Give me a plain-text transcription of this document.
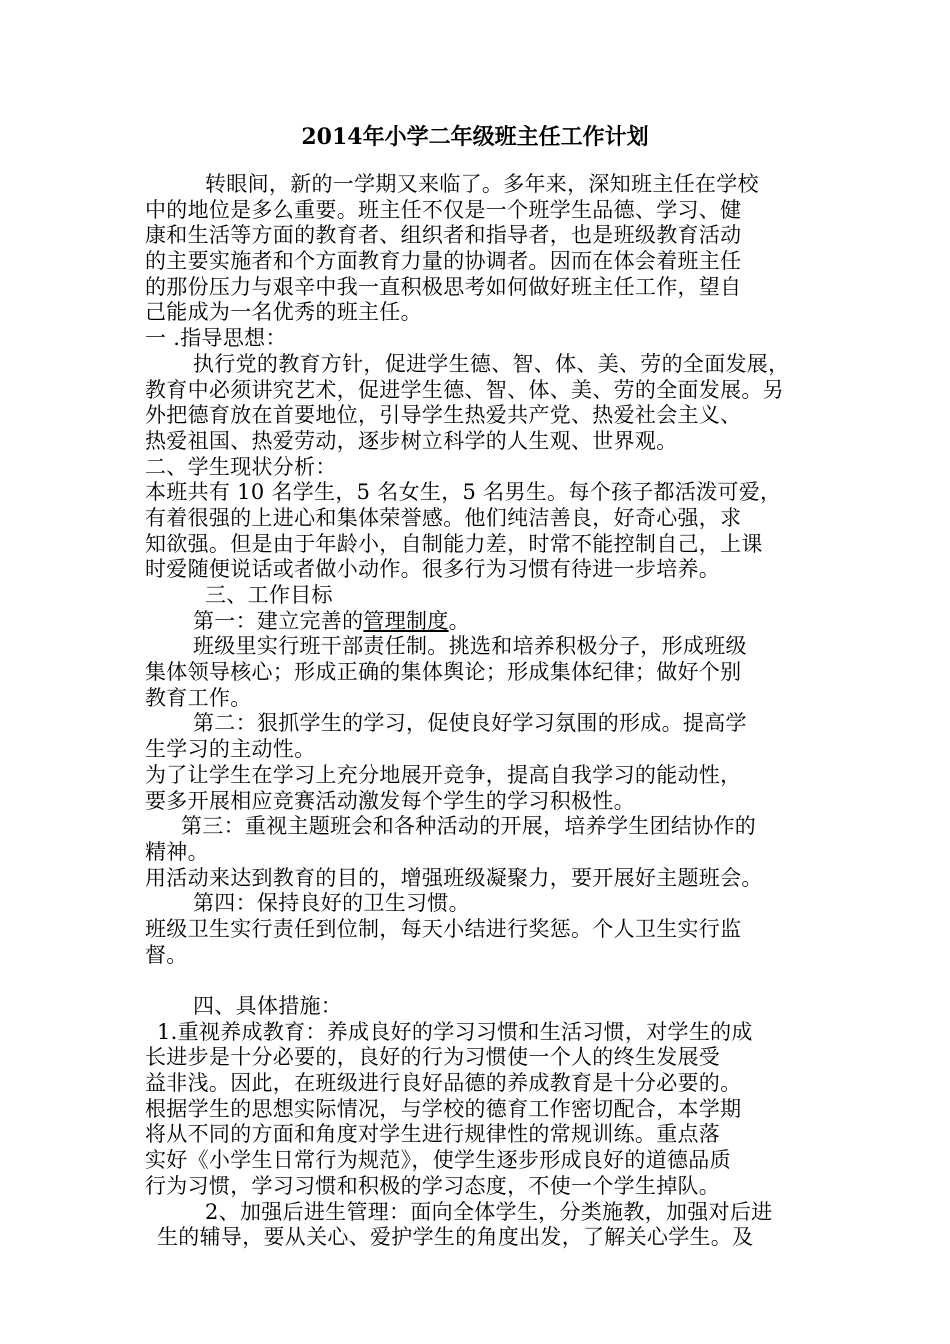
2014年小学二年级班主任工作计划
转眼间，新的一学期又来临了。多年来，深知班主任在学校
中的地位是多么重要。班主任不仅是一个班学生品德、学习、健
康和生活等方面的教育者、组织者和指导者，也是班级教育活动
的主要实施者和个方面教育力量的协调者。因而在体会着班主任
的那份压力与艰辛中我一直积极思考如何做好班主任工作，望自
己能成为一名优秀的班主任。
一 .指导思想：
执行党的教育方针，促进学生德、智、体、美、劳的全面发展，
教育中必须讲究艺术，促进学生德、智、体、美、劳的全面发展。另
外把德育放在首要地位，引导学生热爱共产党、热爱社会主义、
热爱祖国、热爱劳动，逐步树立科学的人生观、世界观。
二、学生现状分析：
本班共有 10 名学生，5 名女生，5 名男生。每个孩子都活泼可爱，
有着很强的上进心和集体荣誉感。他们纯洁善良，好奇心强，求
知欲强。但是由于年龄小，自制能力差，时常不能控制自己，上课
时爱随便说话或者做小动作。很多行为习惯有待进一步培养。
三、工作目标
第一：建立完善的管理制度。
班级里实行班干部责任制。挑选和培养积极分子，形成班级
集体领导核心；形成正确的集体舆论；形成集体纪律；做好个别
教育工作。
第二：狠抓学生的学习，促使良好学习氛围的形成。提高学
生学习的主动性。
为了让学生在学习上充分地展开竞争，提高自我学习的能动性，
要多开展相应竞赛活动激发每个学生的学习积极性。
第三：重视主题班会和各种活动的开展，培养学生团结协作的
精神。
用活动来达到教育的目的，增强班级凝聚力，要开展好主题班会。
第四：保持良好的卫生习惯。
班级卫生实行责任到位制，每天小结进行奖惩。个人卫生实行监
督。
四、具体措施：
1.重视养成教育：养成良好的学习习惯和生活习惯，对学生的成
长进步是十分必要的，良好的行为习惯使一个人的终生发展受
益非浅。因此，在班级进行良好品德的养成教育是十分必要的。
根据学生的思想实际情况，与学校的德育工作密切配合，本学期
将从不同的方面和角度对学生进行规律性的常规训练。重点落
实好《小学生日常行为规范》，使学生逐步形成良好的道德品质
行为习惯，学习习惯和积极的学习态度，不使一个学生掉队。
2、加强后进生管理：面向全体学生，分类施教，加强对后进
生的辅导，要从关心、爱护学生的角度出发，了解关心学生。及
